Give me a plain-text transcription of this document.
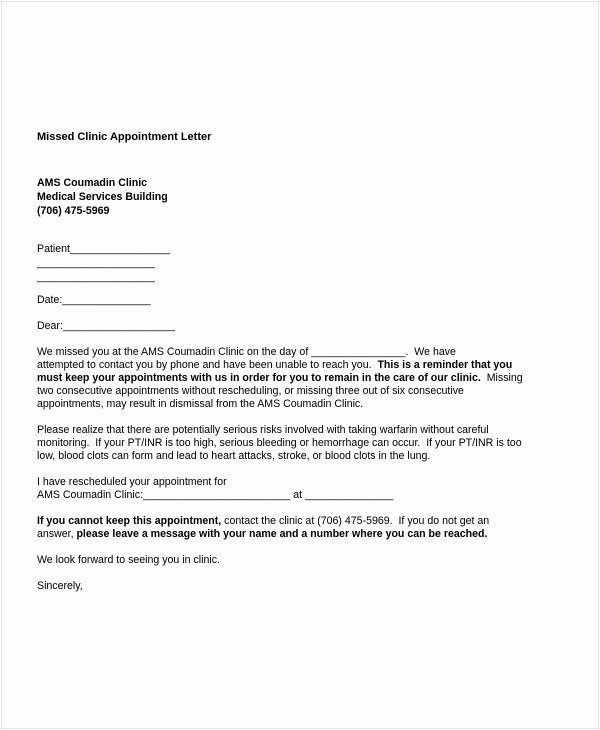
Missed Clinic Appointment Letter

AMS Coumadin Clinic

Medical Services Building

(706) 475-5969

Patient_________________

____________________

____________________

Date:_______________

Dear:___________________

We missed you at the AMS Coumadin Clinic on the day of ________________.  We have

attempted to contact you by phone and have been unable to reach you.  This is a reminder that you

must keep your appointments with us in order for you to remain in the care of our clinic.  Missing

two consecutive appointments without rescheduling, or missing three out of six consecutive

appointments, may result in dismissal from the AMS Coumadin Clinic.

Please realize that there are potentially serious risks involved with taking warfarin without careful

monitoring.  If your PT/INR is too high, serious bleeding or hemorrhage can occur.  If your PT/INR is too

low, blood clots can form and lead to heart attacks, stroke, or blood clots in the lung.

I have rescheduled your appointment for

AMS Coumadin Clinic:_________________________ at _______________

If you cannot keep this appointment, contact the clinic at (706) 475-5969.  If you do not get an

answer, please leave a message with your name and a number where you can be reached.

We look forward to seeing you in clinic.

Sincerely,
